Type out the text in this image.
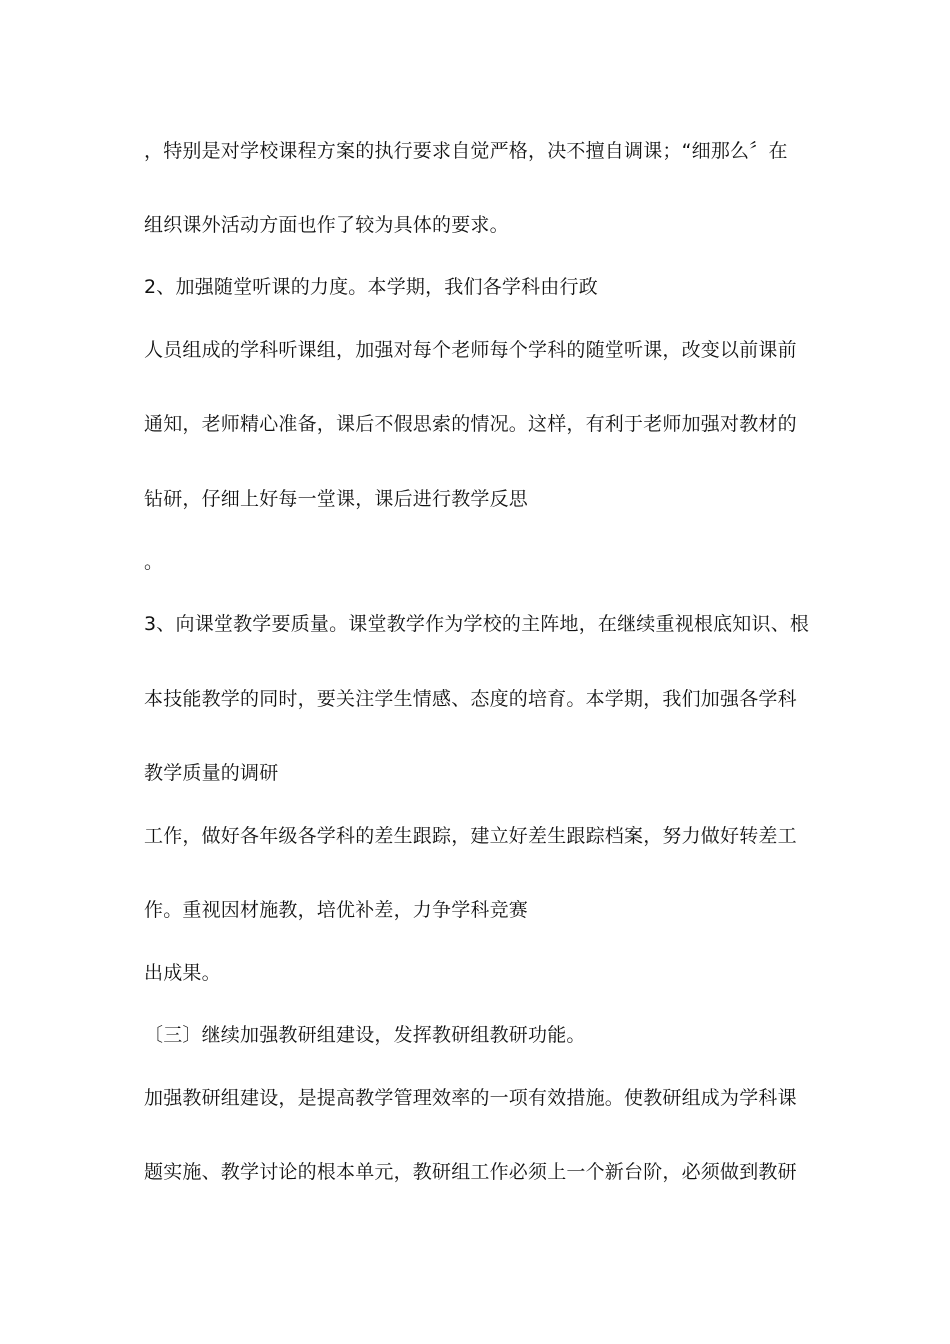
，特别是对学校课程方案的执行要求自觉严格，决不擅自调课；“细那么〞在
组织课外活动方面也作了较为具体的要求。
2、加强随堂听课的力度。本学期，我们各学科由行政
人员组成的学科听课组，加强对每个老师每个学科的随堂听课，改变以前课前
通知，老师精心准备，课后不假思索的情况。这样，有利于老师加强对教材的
钻研，仔细上好每一堂课，课后进行教学反思
。
3、向课堂教学要质量。课堂教学作为学校的主阵地，在继续重视根底知识、根
本技能教学的同时，要关注学生情感、态度的培育。本学期，我们加强各学科
教学质量的调研
工作，做好各年级各学科的差生跟踪，建立好差生跟踪档案，努力做好转差工
作。重视因材施教，培优补差，力争学科竞赛
出成果。
〔三〕继续加强教研组建设，发挥教研组教研功能。
加强教研组建设，是提高教学管理效率的一项有效措施。使教研组成为学科课
题实施、教学讨论的根本单元，教研组工作必须上一个新台阶，必须做到教研
